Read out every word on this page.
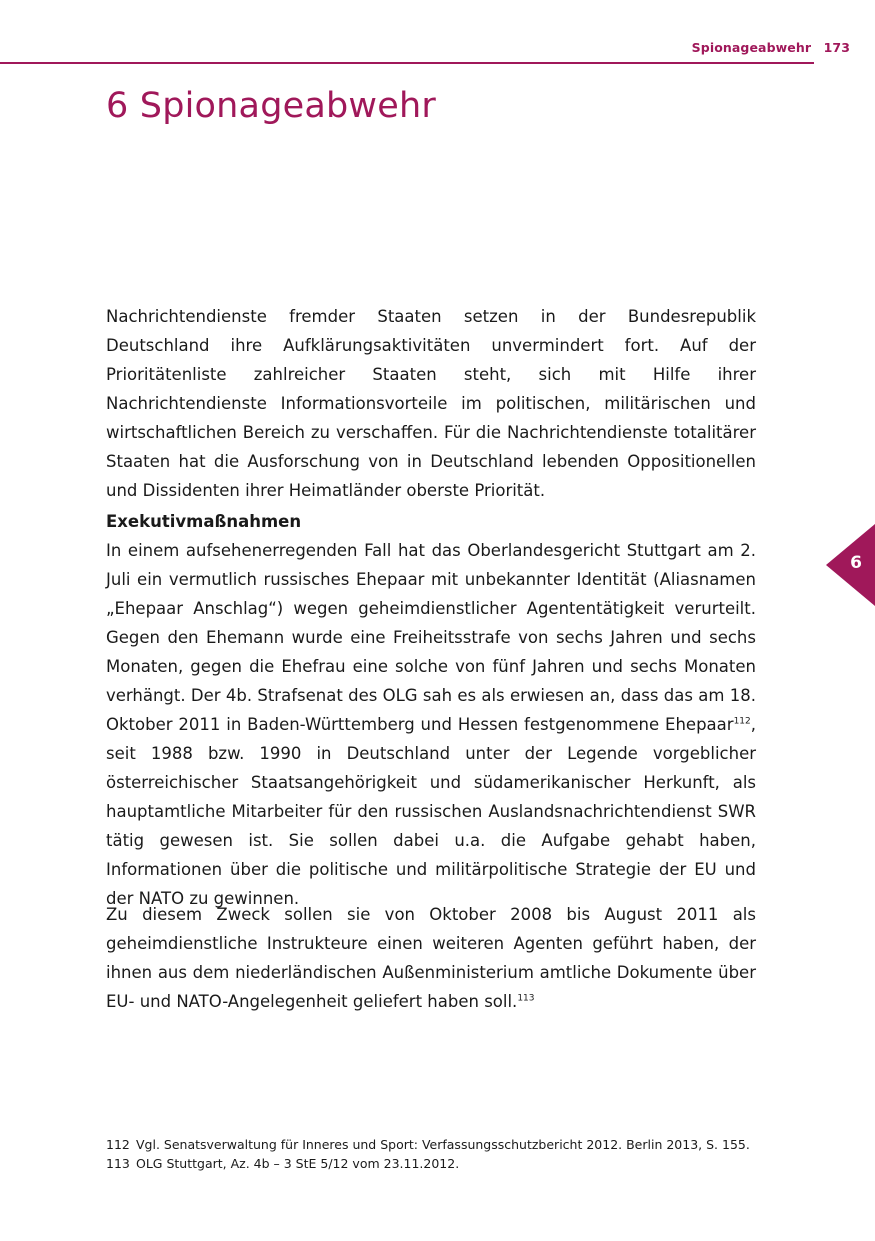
Spionageabwehr 173
6 Spionageabwehr

Nachrichtendienste fremder Staaten setzen in der Bundesrepublik Deutschland ihre Aufklärungsaktivitäten unvermindert fort. Auf der Prioritätenliste zahlreicher Staaten steht, sich mit Hilfe ihrer Nachrichtendienste Informationsvorteile im politischen, militärischen und wirtschaftlichen Bereich zu verschaffen. Für die Nachrichtendienste totalitärer Staaten hat die Ausforschung von in Deutschland lebenden Oppositionellen und Dissidenten ihrer Heimatländer oberste Priorität.

Exekutivmaßnahmen

In einem aufsehenerregenden Fall hat das Oberlandesgericht Stuttgart am 2. Juli ein vermutlich russisches Ehepaar mit unbekannter Identität (Aliasnamen „Ehepaar Anschlag“) wegen geheimdienstlicher Agententätigkeit verurteilt. Gegen den Ehemann wurde eine Freiheitsstrafe von sechs Jahren und sechs Monaten, gegen die Ehefrau eine solche von fünf Jahren und sechs Monaten verhängt. Der 4b. Strafsenat des OLG sah es als erwiesen an, dass das am 18. Oktober 2011 in Baden-Württemberg und Hessen festgenommene Ehepaar$^{112}$, seit 1988 bzw. 1990 in Deutschland unter der Legende vorgeblicher österreichischer Staatsangehörigkeit und südamerikanischer Herkunft, als hauptamtliche Mitarbeiter für den russischen Auslandsnachrichtendienst SWR tätig gewesen ist. Sie sollen dabei u.a. die Aufgabe gehabt haben, Informationen über die politische und militärpolitische Strategie der EU und der NATO zu gewinnen.

Zu diesem Zweck sollen sie von Oktober 2008 bis August 2011 als geheimdienstliche Instrukteure einen weiteren Agenten geführt haben, der ihnen aus dem niederländischen Außenministerium amtliche Dokumente über EU- und NATO-Angelegenheit geliefert haben soll.$^{113}$

6

112 Vgl. Senatsverwaltung für Inneres und Sport: Verfassungsschutzbericht 2012. Berlin 2013, S. 155.

113 OLG Stuttgart, Az. 4b – 3 StE 5/12 vom 23.11.2012.
